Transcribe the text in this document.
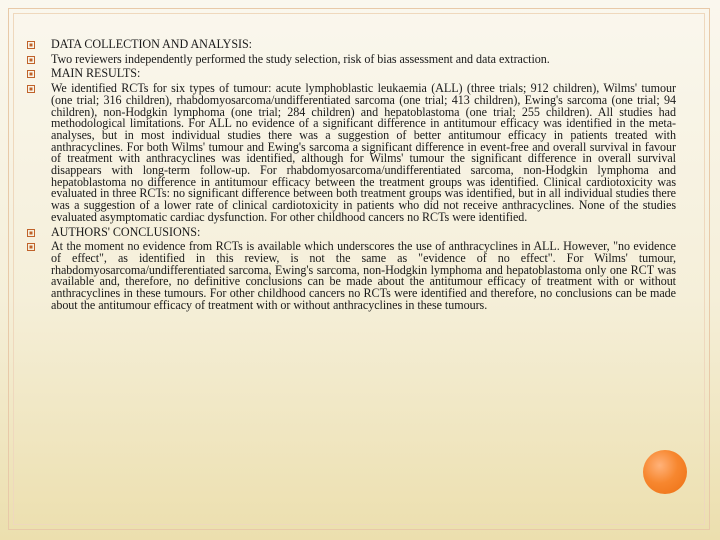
DATA COLLECTION AND ANALYSIS:
Two reviewers independently performed the study selection, risk of bias assessment and data extraction.
MAIN RESULTS:
We identified RCTs for six types of tumour: acute lymphoblastic leukaemia (ALL) (three trials; 912 children), Wilms' tumour (one trial; 316 children), rhabdomyosarcoma/undifferentiated sarcoma (one trial; 413 children), Ewing's sarcoma (one trial; 94 children), non-Hodgkin lymphoma (one trial; 284 children) and hepatoblastoma (one trial; 255 children). All studies had methodological limitations. For ALL no evidence of a significant difference in antitumour efficacy was identified in the meta-analyses, but in most individual studies there was a suggestion of better antitumour efficacy in patients treated with anthracyclines. For both Wilms' tumour and Ewing's sarcoma a significant difference in event-free and overall survival in favour of treatment with anthracyclines was identified, although for Wilms' tumour the significant difference in overall survival disappears with long-term follow-up. For rhabdomyosarcoma/undifferentiated sarcoma, non-Hodgkin lymphoma and hepatoblastoma no difference in antitumour efficacy between the treatment groups was identified. Clinical cardiotoxicity was evaluated in three RCTs: no significant difference between both treatment groups was identified, but in all individual studies there was a suggestion of a lower rate of clinical cardiotoxicity in patients who did not receive anthracyclines. None of the studies evaluated asymptomatic cardiac dysfunction. For other childhood cancers no RCTs were identified.
AUTHORS' CONCLUSIONS:
At the moment no evidence from RCTs is available which underscores the use of anthracyclines in ALL. However, "no evidence of effect", as identified in this review, is not the same as "evidence of no effect". For Wilms' tumour, rhabdomyosarcoma/undifferentiated sarcoma, Ewing's sarcoma, non-Hodgkin lymphoma and hepatoblastoma only one RCT was available and, therefore, no definitive conclusions can be made about the antitumour efficacy of treatment with or without anthracyclines in these tumours. For other childhood cancers no RCTs were identified and therefore, no conclusions can be made about the antitumour efficacy of treatment with or without anthracyclines in these tumours.
